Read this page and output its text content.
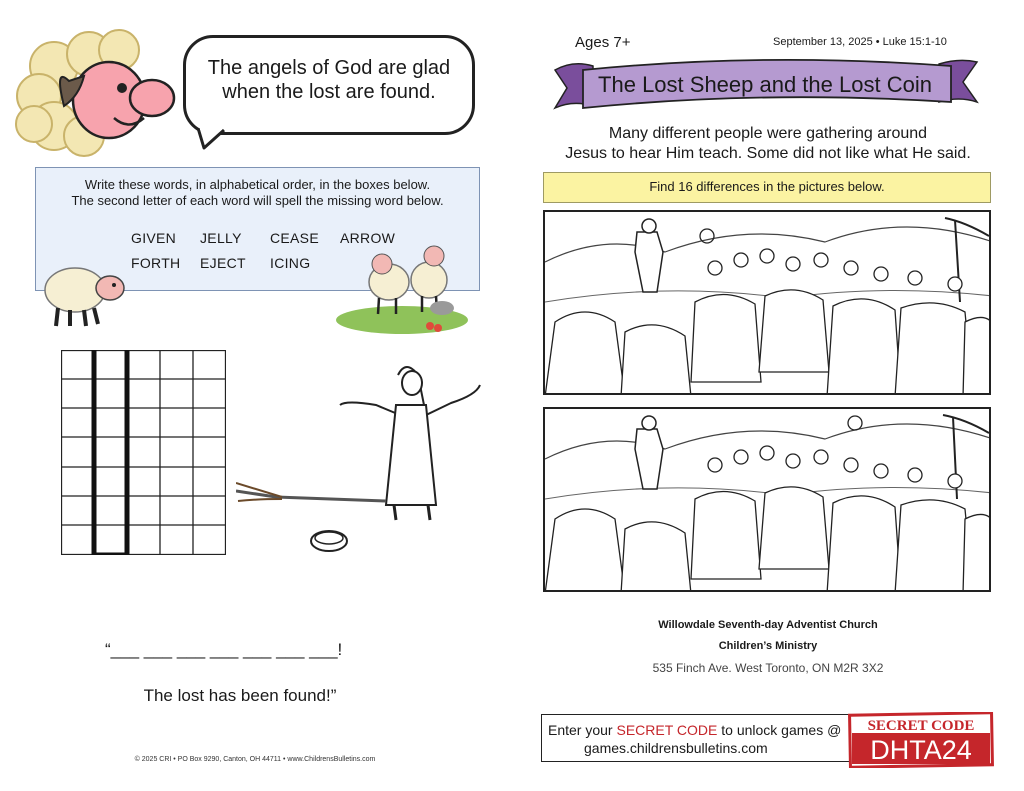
The angels of God are glad
when the lost are found.
Write these words, in alphabetical order, in the boxes below.
The second letter of each word will spell the missing word below.
GIVEN JELLY CEASE ARROW
FORTH EJECT ICING
“___ ___ ___ ___ ___ ___ ___!
The lost has been found!”
© 2025 CRI • PO Box 9290, Canton, OH 44711 • www.ChildrensBulletins.com
Ages 7+	September 13, 2025 • Luke 15:1-10
The Lost Sheep and the Lost Coin
Many different people were gathering around
Jesus to hear Him teach. Some did not like what He said.
Find 16 differences in the pictures below.
Willowdale Seventh-day Adventist Church
Children’s Ministry
535 Finch Ave. West Toronto, ON M2R 3X2
Enter your SECRET CODE to unlock games @
games.childrensbulletins.com
SECRET CODE
DHTA24
